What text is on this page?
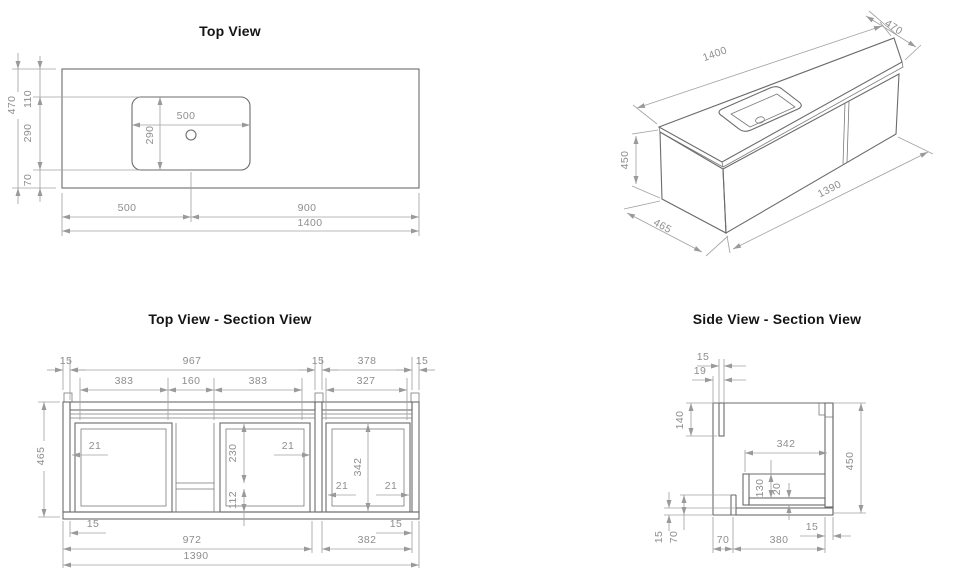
Top View
470 110
290
70
500
290
500	900
1400
1400
470
450
1390
465
Top View - Section View
15	967	15	378	15
383	160	383	327
465
21	21
230
112
342
21	21
15	15
972	382
1390
Side View - Section View
15
19
140
342
450
130 20
15 70	70	380
15
